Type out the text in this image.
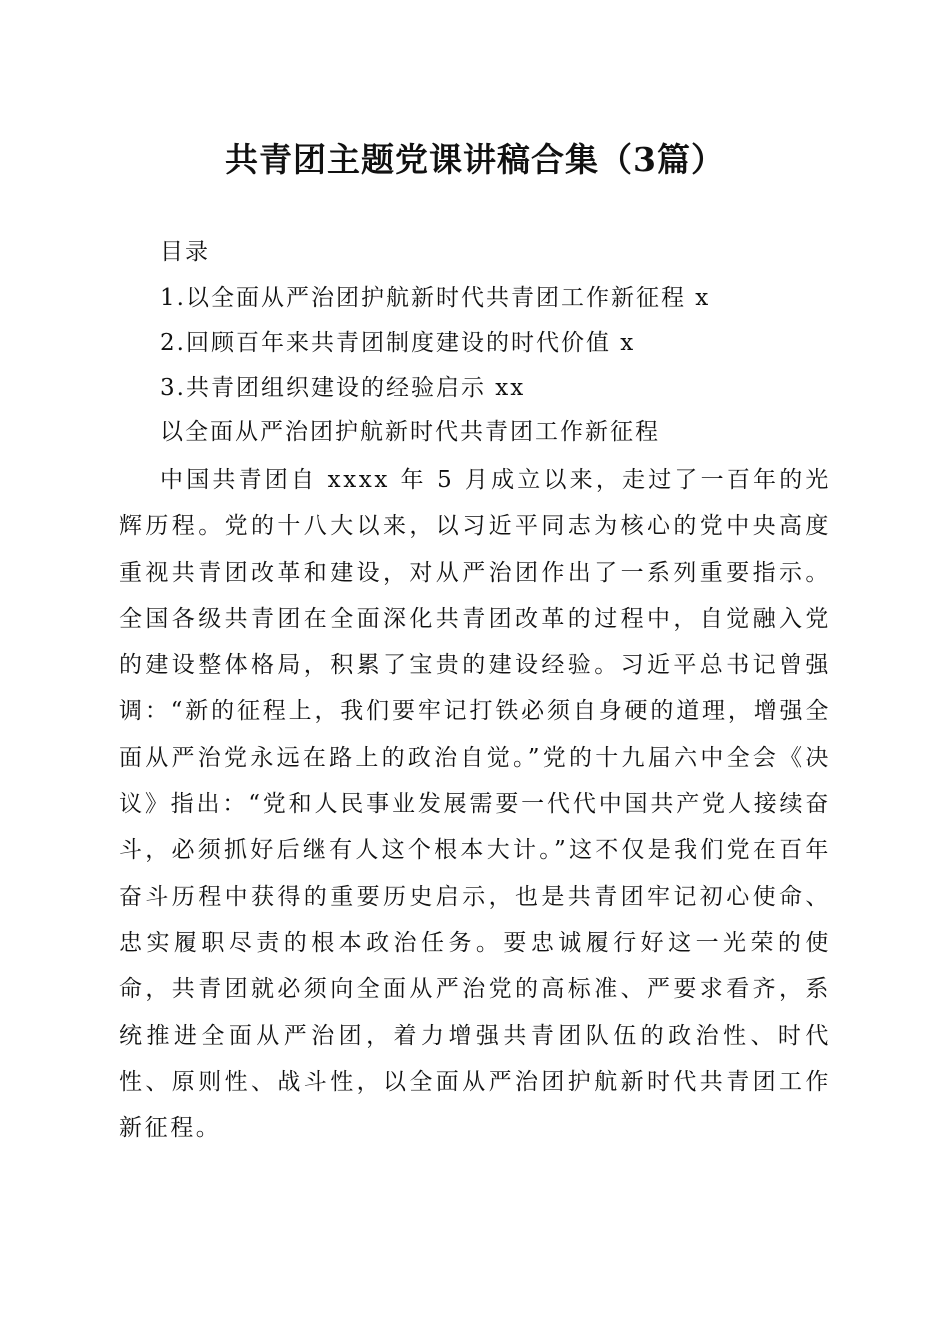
共青团主题党课讲稿合集（3篇）
目录
1.以全面从严治团护航新时代共青团工作新征程 x
2.回顾百年来共青团制度建设的时代价值 x
3.共青团组织建设的经验启示 xx
以全面从严治团护航新时代共青团工作新征程

中国共青团自 xxxx 年 5 月成立以来，走过了一百年的光辉历程。党的十八大以来，以习近平同志为核心的党中央高度重视共青团改革和建设，对从严治团作出了一系列重要指示。全国各级共青团在全面深化共青团改革的过程中，自觉融入党的建设整体格局，积累了宝贵的建设经验。习近平总书记曾强调：“新的征程上，我们要牢记打铁必须自身硬的道理，增强全面从严治党永远在路上的政治自觉。”党的十九届六中全会《决议》指出：“党和人民事业发展需要一代代中国共产党人接续奋斗，必须抓好后继有人这个根本大计。”这不仅是我们党在百年奋斗历程中获得的重要历史启示，也是共青团牢记初心使命、忠实履职尽责的根本政治任务。要忠诚履行好这一光荣的使命，共青团就必须向全面从严治党的高标准、严要求看齐，系统推进全面从严治团，着力增强共青团队伍的政治性、时代性、原则性、战斗性，以全面从严治团护航新时代共青团工作新征程。
